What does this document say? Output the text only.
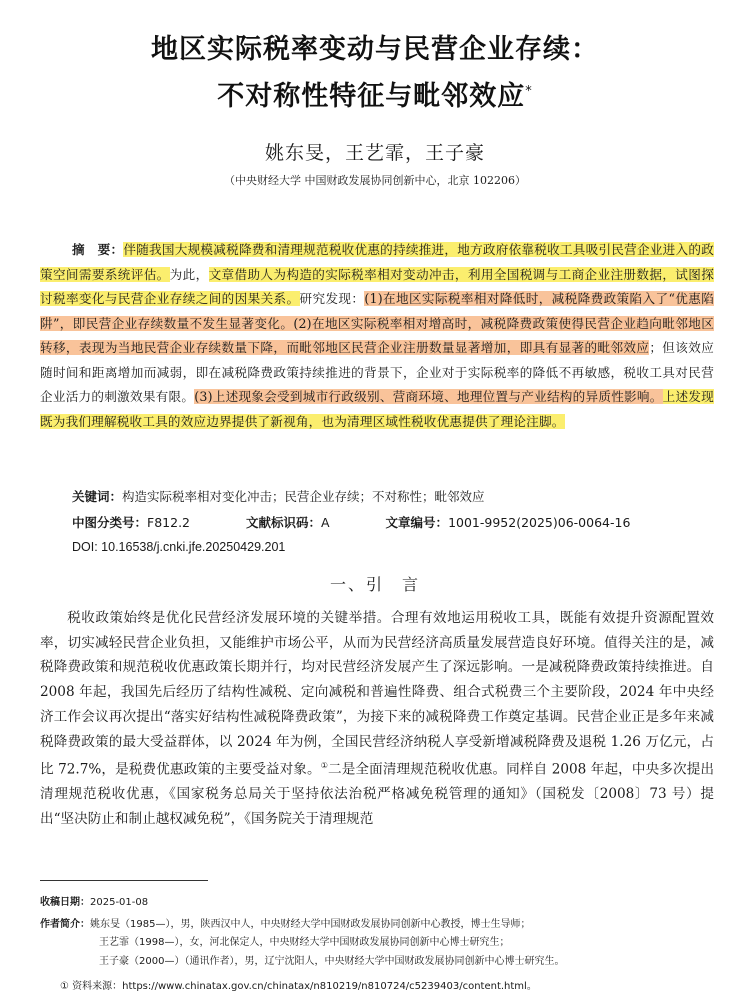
地区实际税率变动与民营企业存续：
不对称性特征与毗邻效应*
姚东旻，王艺霏，王子豪
（中央财经大学 中国财政发展协同创新中心，北京 102206）
摘　要：伴随我国大规模减税降费和清理规范税收优惠的持续推进，地方政府依靠税收工具吸引民营企业进入的政策空间需要系统评估。为此，文章借助人为构造的实际税率相对变动冲击，利用全国税调与工商企业注册数据，试图探讨税率变化与民营企业存续之间的因果关系。研究发现：(1)在地区实际税率相对降低时，减税降费政策陷入了“优惠陷阱”，即民营企业存续数量不发生显著变化。(2)在地区实际税率相对增高时，减税降费政策使得民营企业趋向毗邻地区转移，表现为当地民营企业存续数量下降，而毗邻地区民营企业注册数量显著增加，即具有显著的毗邻效应；但该效应随时间和距离增加而减弱，即在减税降费政策持续推进的背景下，企业对于实际税率的降低不再敏感，税收工具对民营企业活力的刺激效果有限。(3)上述现象会受到城市行政级别、营商环境、地理位置与产业结构的异质性影响。上述发现既为我们理解税收工具的效应边界提供了新视角，也为清理区域性税收优惠提供了理论注脚。
关键词：构造实际税率相对变化冲击；民营企业存续；不对称性；毗邻效应
中图分类号：F812.2	文献标识码：A	文章编号：1001-9952(2025)06-0064-16
DOI: 10.16538/j.cnki.jfe.20250429.201
一、引　言
税收政策始终是优化民营经济发展环境的关键举措。合理有效地运用税收工具，既能有效提升资源配置效率，切实减轻民营企业负担，又能维护市场公平，从而为民营经济高质量发展营造良好环境。值得关注的是，减税降费政策和规范税收优惠政策长期并行，均对民营经济发展产生了深远影响。一是减税降费政策持续推进。自 2008 年起，我国先后经历了结构性减税、定向减税和普遍性降费、组合式税费三个主要阶段，2024 年中央经济工作会议再次提出“落实好结构性减税降费政策”，为接下来的减税降费工作奠定基调。民营企业正是多年来减税降费政策的最大受益群体，以 2024 年为例，全国民营经济纳税人享受新增减税降费及退税 1.26 万亿元，占比 72.7%，是税费优惠政策的主要受益对象。①二是全面清理规范税收优惠。同样自 2008 年起，中央多次提出清理规范税收优惠，《国家税务总局关于坚持依法治税严格减免税管理的通知》（国税发〔2008〕73 号）提出“坚决防止和制止越权减免税”，《国务院关于清理规范
收稿日期：2025-01-08
作者简介：姚东旻（1985—），男，陕西汉中人，中央财经大学中国财政发展协同创新中心教授，博士生导师；
王艺霏（1998—），女，河北保定人，中央财经大学中国财政发展协同创新中心博士研究生；
王子豪（2000—）（通讯作者），男，辽宁沈阳人，中央财经大学中国财政发展协同创新中心博士研究生。
① 资料来源：https://www.chinatax.gov.cn/chinatax/n810219/n810724/c5239403/content.html。
